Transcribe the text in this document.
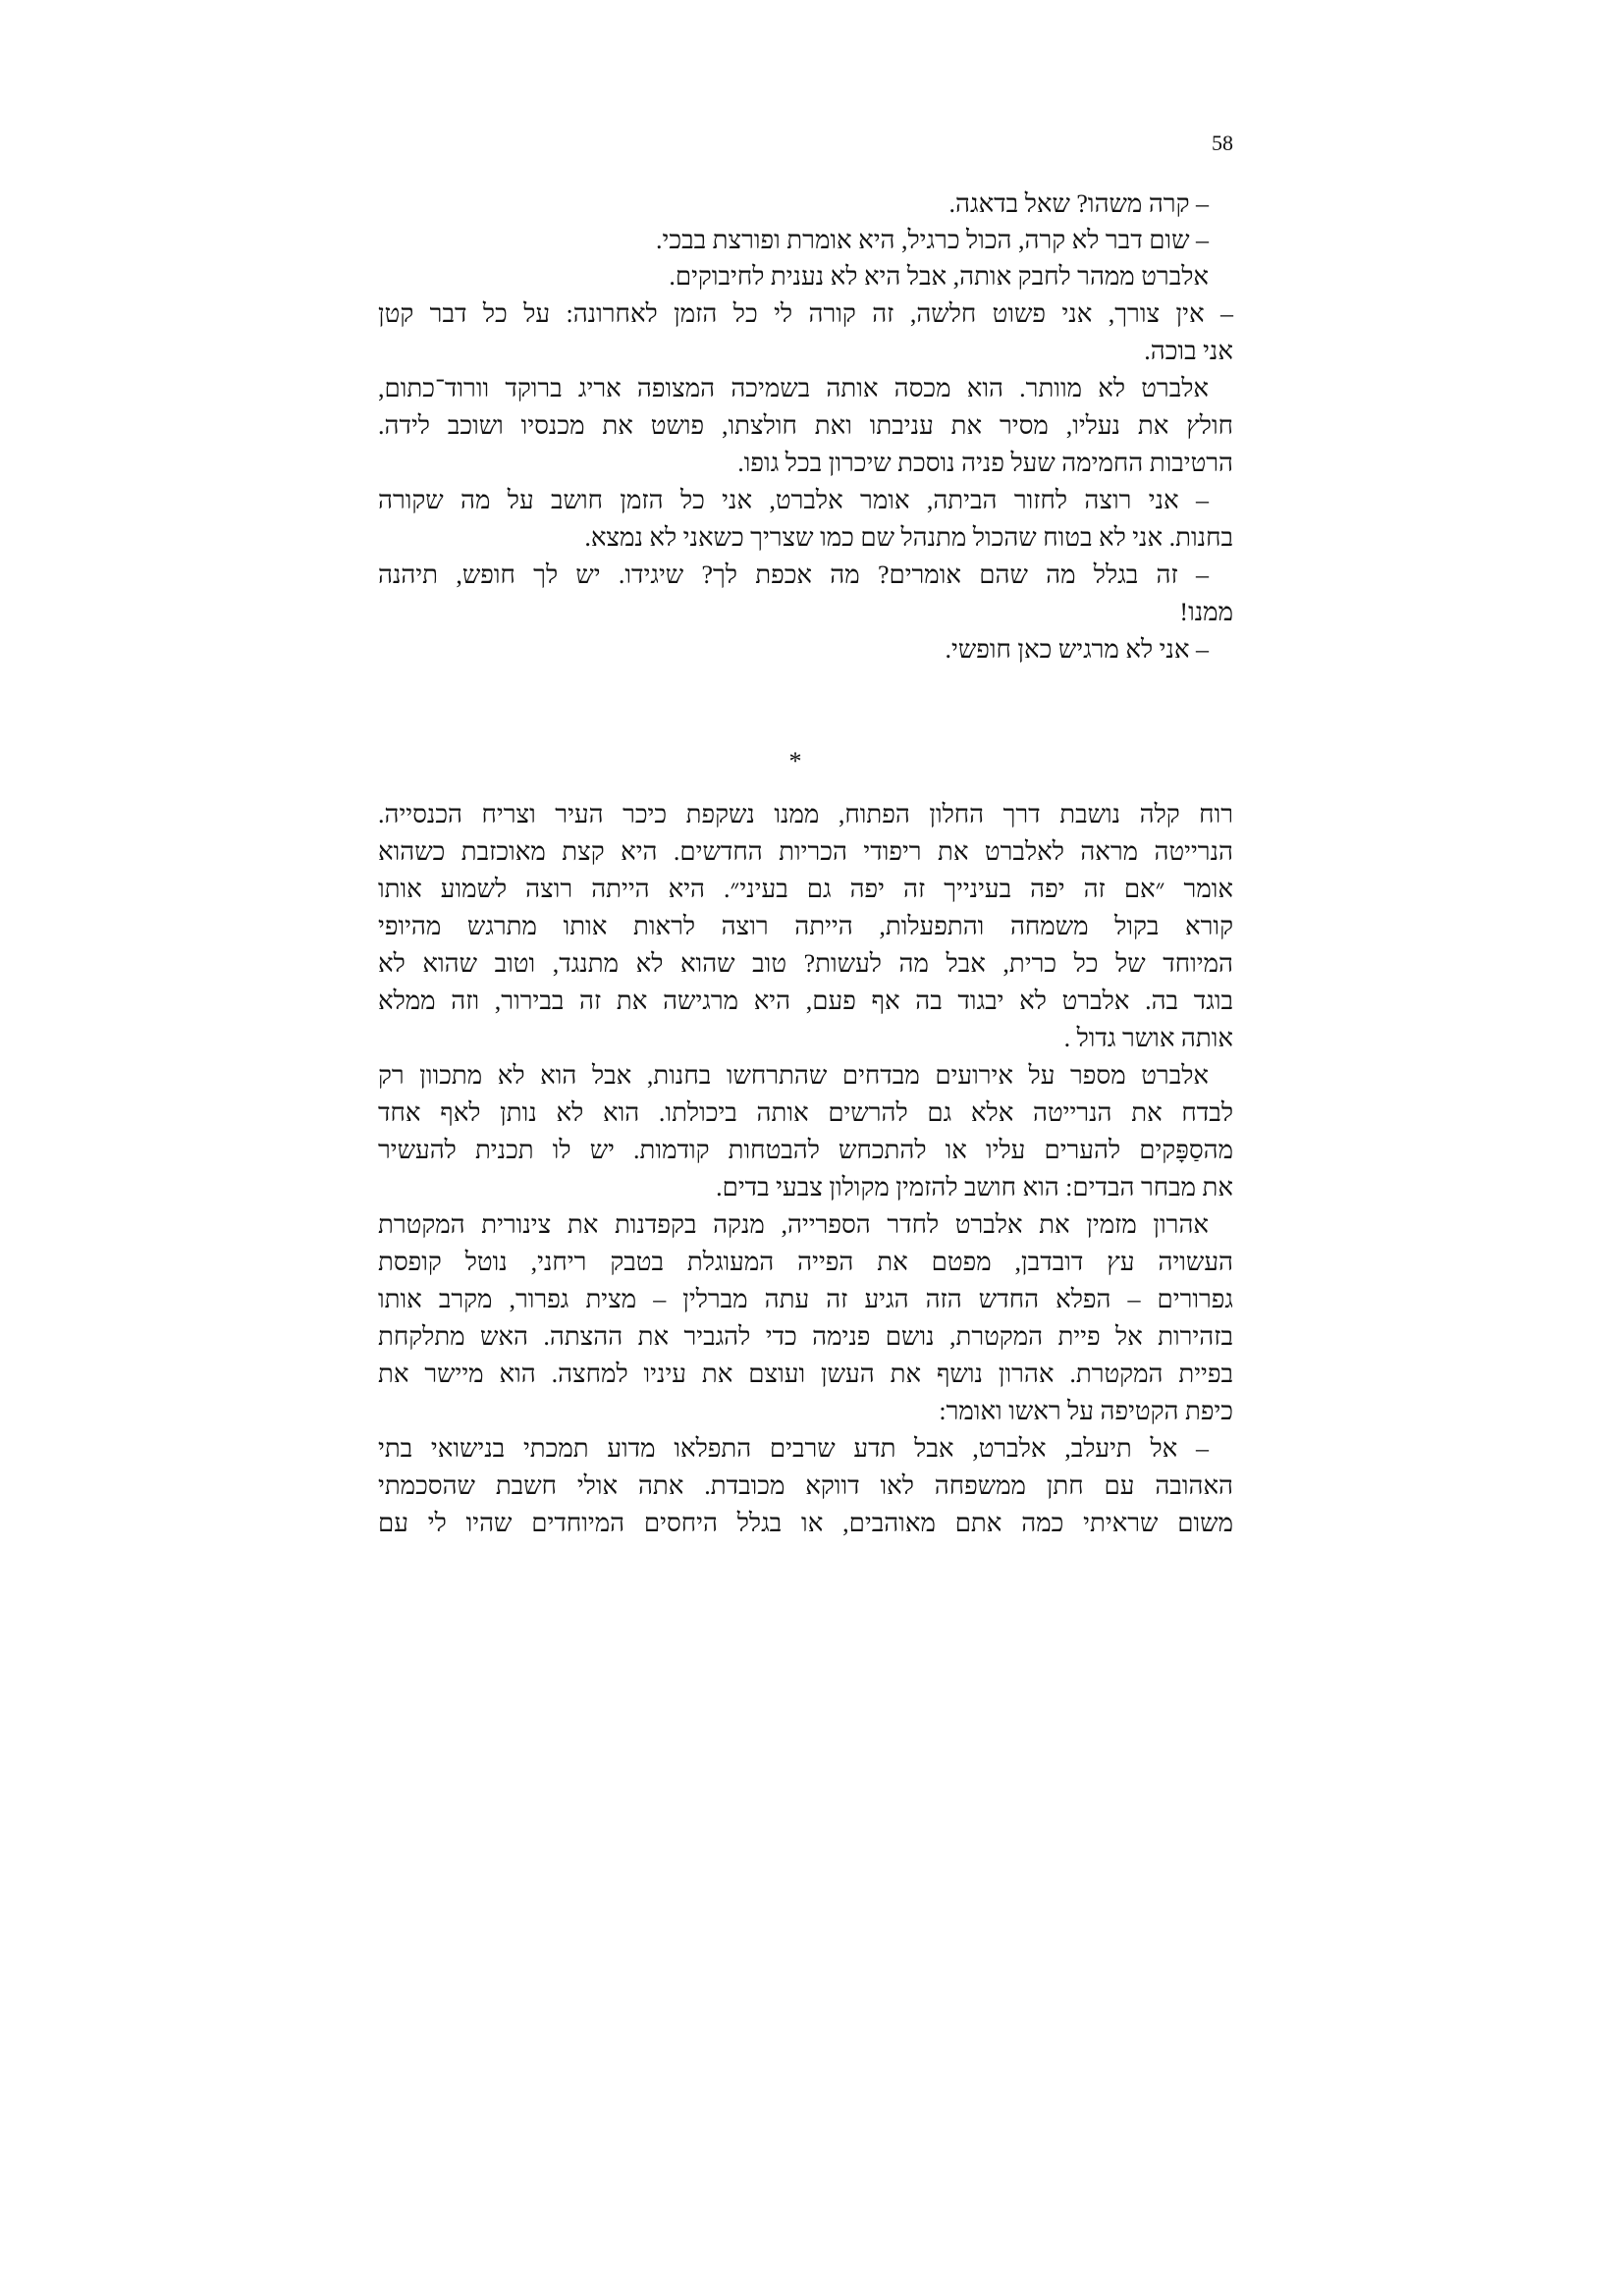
58
– קרה משהו? שאל בדאגה.
– שום דבר לא קרה, הכול כרגיל, היא אומרת ופורצת בבכי.
אלברט ממהר לחבק אותה, אבל היא לא נענית לחיבוקים.
– אין צורך, אני פשוט חלשה, זה קורה לי כל הזמן לאחרונה: על כל דבר קטן
אני בוכה.
אלברט לא מוותר. הוא מכסה אותה בשמיכה המצופה אריג ברוקד וורוד־כתום,
חולץ את נעליו, מסיר את עניבתו ואת חולצתו, פושט את מכנסיו ושוכב לידה.
הרטיבות החמימה שעל פניה נוסכת שיכרון בכל גופו.
– אני רוצה לחזור הביתה, אומר אלברט, אני כל הזמן חושב על מה שקורה
בחנות. אני לא בטוח שהכול מתנהל שם כמו שצריך כשאני לא נמצא.
– זה בגלל מה שהם אומרים? מה אכפת לך? שיגידו. יש לך חופש, תיהנה
ממנו!
– אני לא מרגיש כאן חופשי.
*
רוח קלה נושבת דרך החלון הפתוח, ממנו נשקפת כיכר העיר וצריח הכנסייה.
הנרייטה מראה לאלברט את ריפודי הכריות החדשים. היא קצת מאוכזבת כשהוא
אומר ״אם זה יפה בעינייך זה יפה גם בעיני״. היא הייתה רוצה לשמוע אותו
קורא בקול משמחה והתפעלות, הייתה רוצה לראות אותו מתרגש מהיופי
המיוחד של כל כרית, אבל מה לעשות? טוב שהוא לא מתנגד, וטוב שהוא לא
בוגד בה. אלברט לא יבגוד בה אף פעם, היא מרגישה את זה בבירור, וזה ממלא
אותה אושר גדול .
אלברט מספר על אירועים מבדחים שהתרחשו בחנות, אבל הוא לא מתכוון רק
לבדח את הנרייטה אלא גם להרשים אותה ביכולתו. הוא לא נותן לאף אחד
מהסַפָּקים להערים עליו או להתכחש להבטחות קודמות. יש לו תכנית להעשיר
את מבחר הבדים: הוא חושב להזמין מקולון צבעי בדים.
אהרון מזמין את אלברט לחדר הספרייה, מנקה בקפדנות את צינורית המקטרת
העשויה עץ דובדבן, מפטם את הפייה המעוגלת בטבק ריחני, נוטל קופסת
גפרורים – הפלא החדש הזה הגיע זה עתה מברלין – מצית גפרור, מקרב אותו
בזהירות אל פיית המקטרת, נושם פנימה כדי להגביר את ההצתה. האש מתלקחת
בפיית המקטרת. אהרון נושף את העשן ועוצם את עיניו למחצה. הוא מיישר את
כיפת הקטיפה על ראשו ואומר:
– אל תיעלב, אלברט, אבל תדע שרבים התפלאו מדוע תמכתי בנישואי בתי
האהובה עם חתן ממשפחה לאו דווקא מכובדת. אתה אולי חשבת שהסכמתי
משום שראיתי כמה אתם מאוהבים, או בגלל היחסים המיוחדים שהיו לי עם
